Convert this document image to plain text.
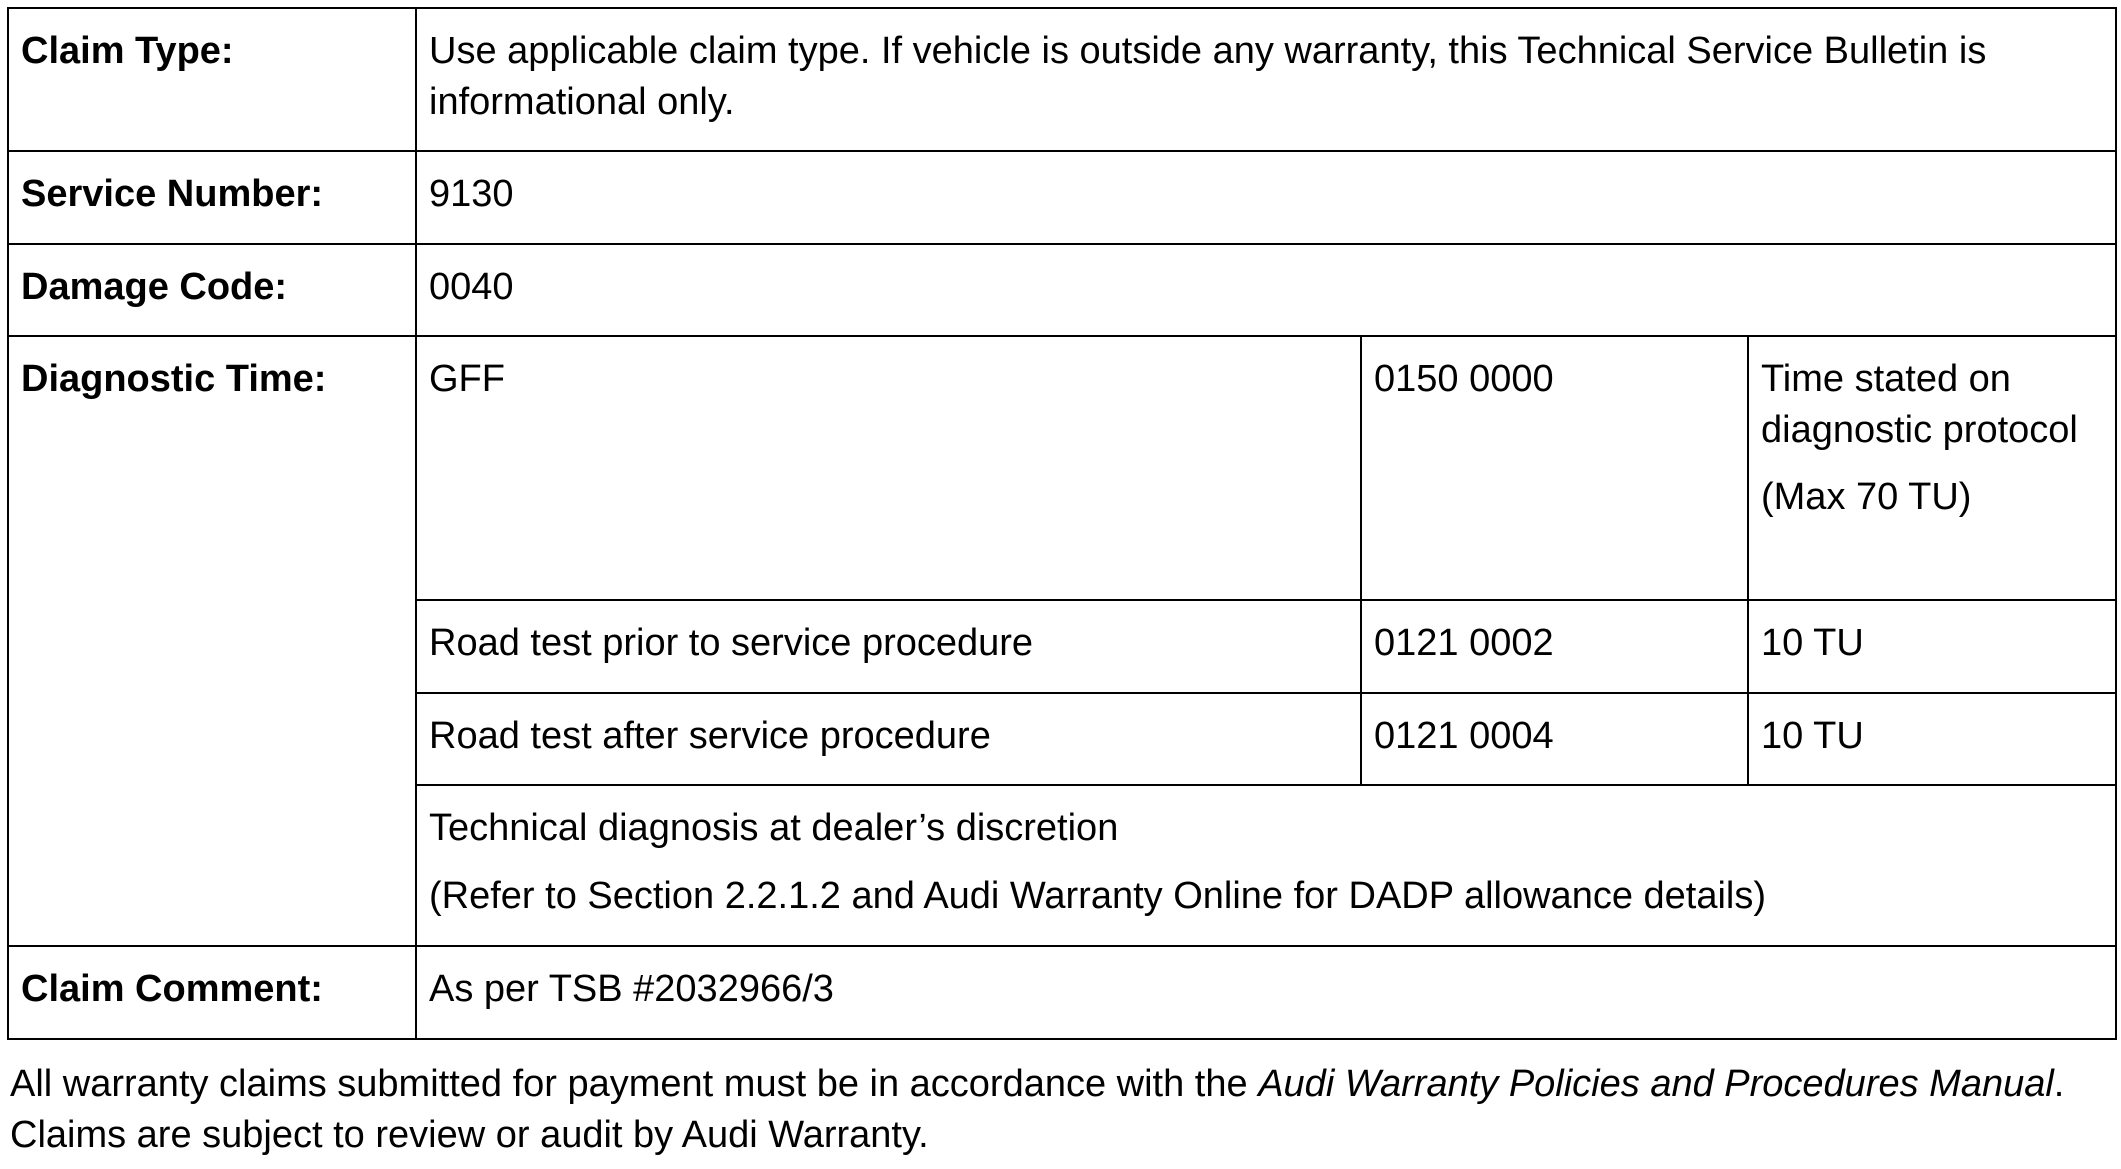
Claim Type:	Use applicable claim type. If vehicle is outside any warranty, this Technical Service Bulletin is informational only.		
Service Number:	9130		
Damage Code:	0040		
Diagnostic Time:	GFF	0150 0000	Time stated on diagnostic protocol
(Max 70 TU)

	Road test prior to service procedure	0121 0002	10 TU
	Road test after service procedure	0121 0004	10 TU

	Technical diagnosis at dealer’s discretion
(Refer to Section 2.2.1.2 and Audi Warranty Online for DADP allowance details)		

Claim Comment:	As per TSB #2032966/3		

All warranty claims submitted for payment must be in accordance with the Audi Warranty Policies and Procedures Manual. Claims are subject to review or audit by Audi Warranty.
